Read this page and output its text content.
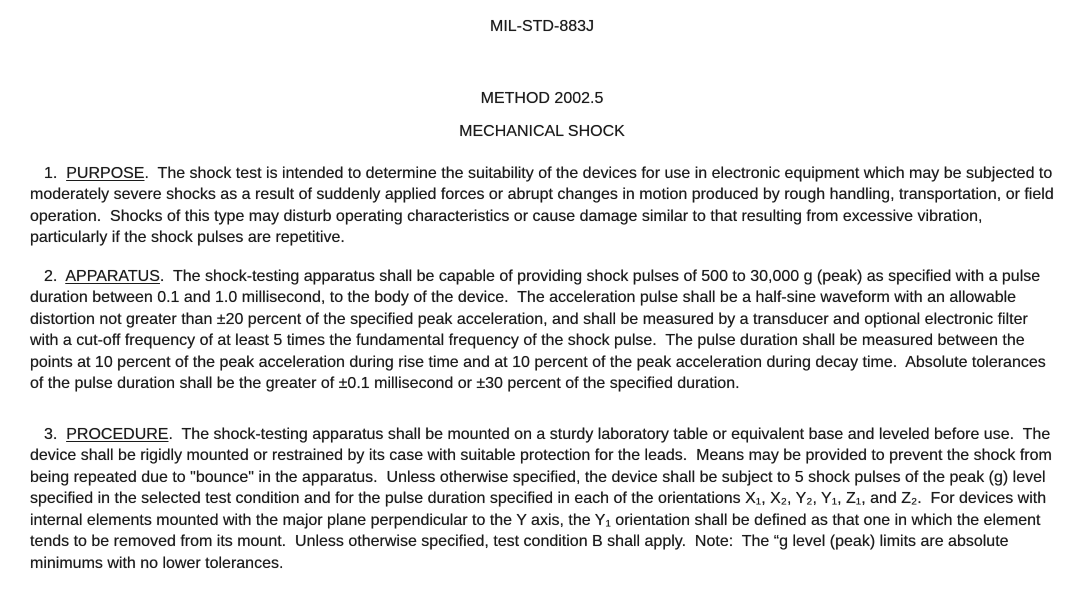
MIL-STD-883J
METHOD 2002.5
MECHANICAL SHOCK

1.  PURPOSE.  The shock test is intended to determine the suitability of the devices for use in electronic equipment which may be subjected to moderately severe shocks as a result of suddenly applied forces or abrupt changes in motion produced by rough handling, transportation, or field operation.  Shocks of this type may disturb operating characteristics or cause damage similar to that resulting from excessive vibration, particularly if the shock pulses are repetitive.

2.  APPARATUS.  The shock-testing apparatus shall be capable of providing shock pulses of 500 to 30,000 g (peak) as specified with a pulse duration between 0.1 and 1.0 millisecond, to the body of the device.  The acceleration pulse shall be a half-sine waveform with an allowable distortion not greater than ±20 percent of the specified peak acceleration, and shall be measured by a transducer and optional electronic filter with a cut-off frequency of at least 5 times the fundamental frequency of the shock pulse.  The pulse duration shall be measured between the points at 10 percent of the peak acceleration during rise time and at 10 percent of the peak acceleration during decay time.  Absolute tolerances of the pulse duration shall be the greater of ±0.1 millisecond or ±30 percent of the specified duration.

3.  PROCEDURE.  The shock-testing apparatus shall be mounted on a sturdy laboratory table or equivalent base and leveled before use.  The device shall be rigidly mounted or restrained by its case with suitable protection for the leads.  Means may be provided to prevent the shock from being repeated due to "bounce" in the apparatus.  Unless otherwise specified, the device shall be subject to 5 shock pulses of the peak (g) level specified in the selected test condition and for the pulse duration specified in each of the orientations X₁, X₂, Y₂, Y₁, Z₁, and Z₂.  For devices with internal elements mounted with the major plane perpendicular to the Y axis, the Y₁ orientation shall be defined as that one in which the element tends to be removed from its mount.  Unless otherwise specified, test condition B shall apply.  Note:  The “g level (peak) limits are absolute minimums with no lower tolerances.
